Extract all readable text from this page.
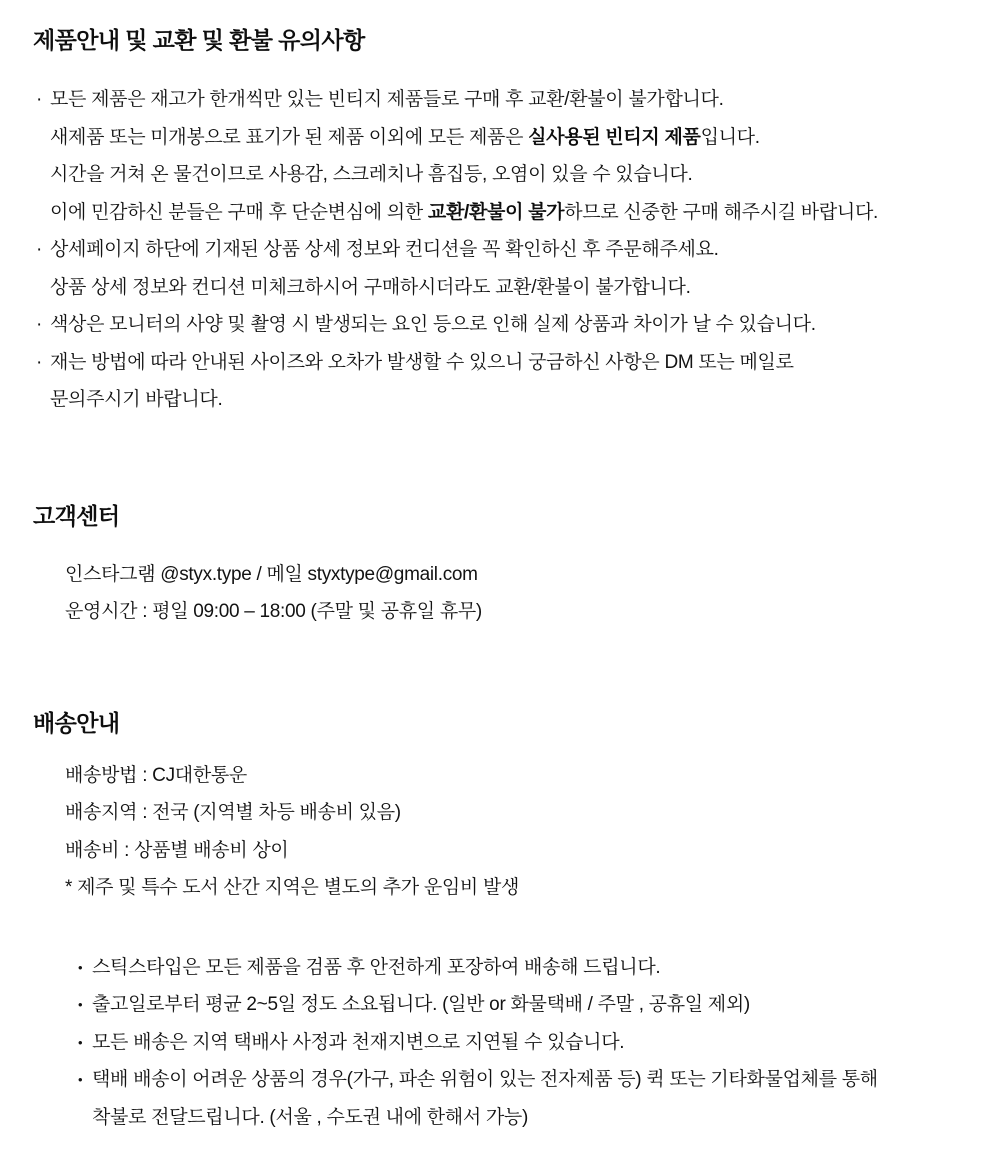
제품안내 및 교환 및 환불 유의사항

· 모든 제품은 재고가 한개씩만 있는 빈티지 제품들로 구매 후 교환/환불이 불가합니다.

새제품 또는 미개봉으로 표기가 된 제품 이외에 모든 제품은 실사용된 빈티지 제품입니다.

시간을 거쳐 온 물건이므로 사용감, 스크레치나 흠집등, 오염이 있을 수 있습니다.

이에 민감하신 분들은 구매 후 단순변심에 의한 교환/환불이 불가하므로 신중한 구매 해주시길 바랍니다.

· 상세페이지 하단에 기재된 상품 상세 정보와 컨디션을 꼭 확인하신 후 주문해주세요.

상품 상세 정보와 컨디션 미체크하시어 구매하시더라도 교환/환불이 불가합니다.

· 색상은 모니터의 사양 및 촬영 시 발생되는 요인 등으로 인해 실제 상품과 차이가 날 수 있습니다.

· 재는 방법에 따라 안내된 사이즈와 오차가 발생할 수 있으니 궁금하신 사항은 DM 또는 메일로

문의주시기 바랍니다.

고객센터

인스타그램 @styx.type / 메일 styxtype@gmail.com

운영시간 : 평일 09:00 – 18:00 (주말 및 공휴일 휴무)

배송안내

배송방법 : CJ대한통운

배송지역 : 전국 (지역별 차등 배송비 있음)

배송비 : 상품별 배송비 상이

* 제주 및 특수 도서 산간 지역은 별도의 추가 운임비 발생

• 스틱스타입은 모든 제품을 검품 후 안전하게 포장하여 배송해 드립니다.

• 출고일로부터 평균 2~5일 정도 소요됩니다. (일반 or 화물택배 / 주말 , 공휴일 제외)

• 모든 배송은 지역 택배사 사정과 천재지변으로 지연될 수 있습니다.

• 택배 배송이 어려운 상품의 경우(가구, 파손 위험이 있는 전자제품 등) 퀵 또는 기타화물업체를 통해

착불로 전달드립니다. (서울 , 수도권 내에 한해서 가능)
